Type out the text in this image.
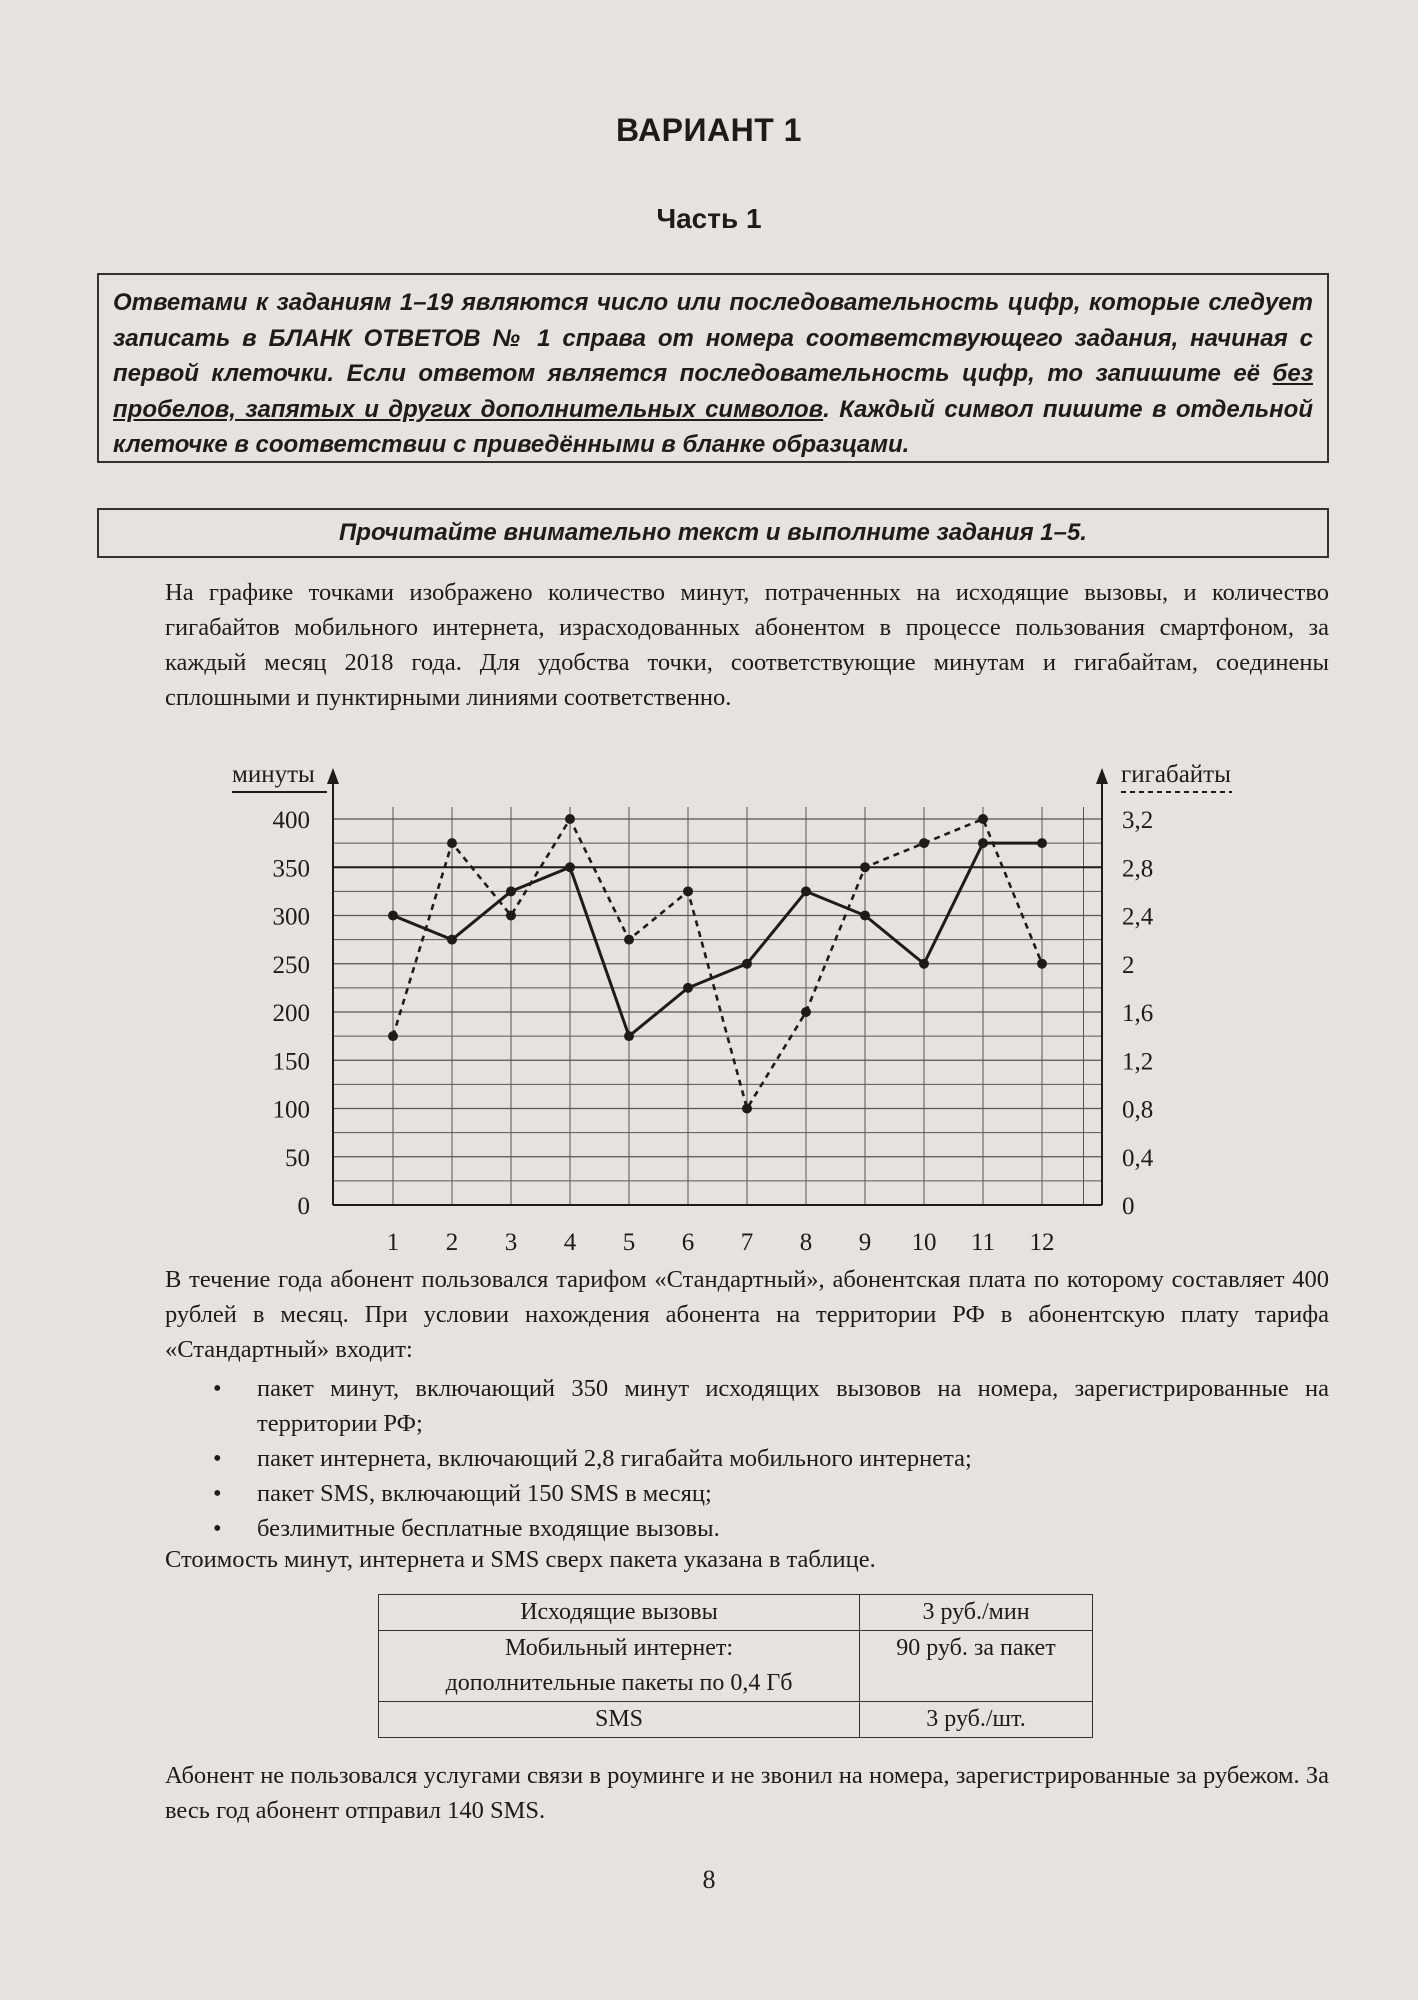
ВАРИАНТ 1
Часть 1
Ответами к заданиям 1–19 являются число или последовательность цифр, которые следует записать в БЛАНК ОТВЕТОВ № 1 справа от номера соответствующего задания, начиная с первой клеточки. Если ответом является последовательность цифр, то запишите её без пробелов, запятых и других дополнительных символов. Каждый символ пишите в отдельной клеточке в соответствии с приведёнными в бланке образцами.
Прочитайте внимательно текст и выполните задания 1–5.
На графике точками изображено количество минут, потраченных на исходящие вызовы, и количество гигабайтов мобильного интернета, израсходованных абонентом в процессе пользования смартфоном, за каждый месяц 2018 года. Для удобства точки, соответствующие минутам и гигабайтам, соединены сплошными и пунктирными линиями соответственно.
0
50
100
150
200
250
300
350
400
0
0,4
0,8
1,2
1,6
2
2,4
2,8
3,2
1 2 3 4 5 6 7 8 9 10 11 12
минуты	гигабайты
В течение года абонент пользовался тарифом «Стандартный», абонентская плата по которому составляет 400 рублей в месяц. При условии нахождения абонента на территории РФ в абонентскую плату тарифа «Стандартный» входит:
• пакет минут, включающий 350 минут исходящих вызовов на номера, зарегистрированные на территории РФ;
• пакет интернета, включающий 2,8 гигабайта мобильного интернета;
• пакет SMS, включающий 150 SMS в месяц;
• безлимитные бесплатные входящие вызовы.
Стоимость минут, интернета и SMS сверх пакета указана в таблице.
Исходящие вызовы	3 руб./мин

Мобильный интернет:
дополнительные пакеты по 0,4 Гб	90 руб. за пакет
SMS	3 руб./шт.
Абонент не пользовался услугами связи в роуминге и не звонил на номера, зарегистрированные за рубежом. За весь год абонент отправил 140 SMS.
8
